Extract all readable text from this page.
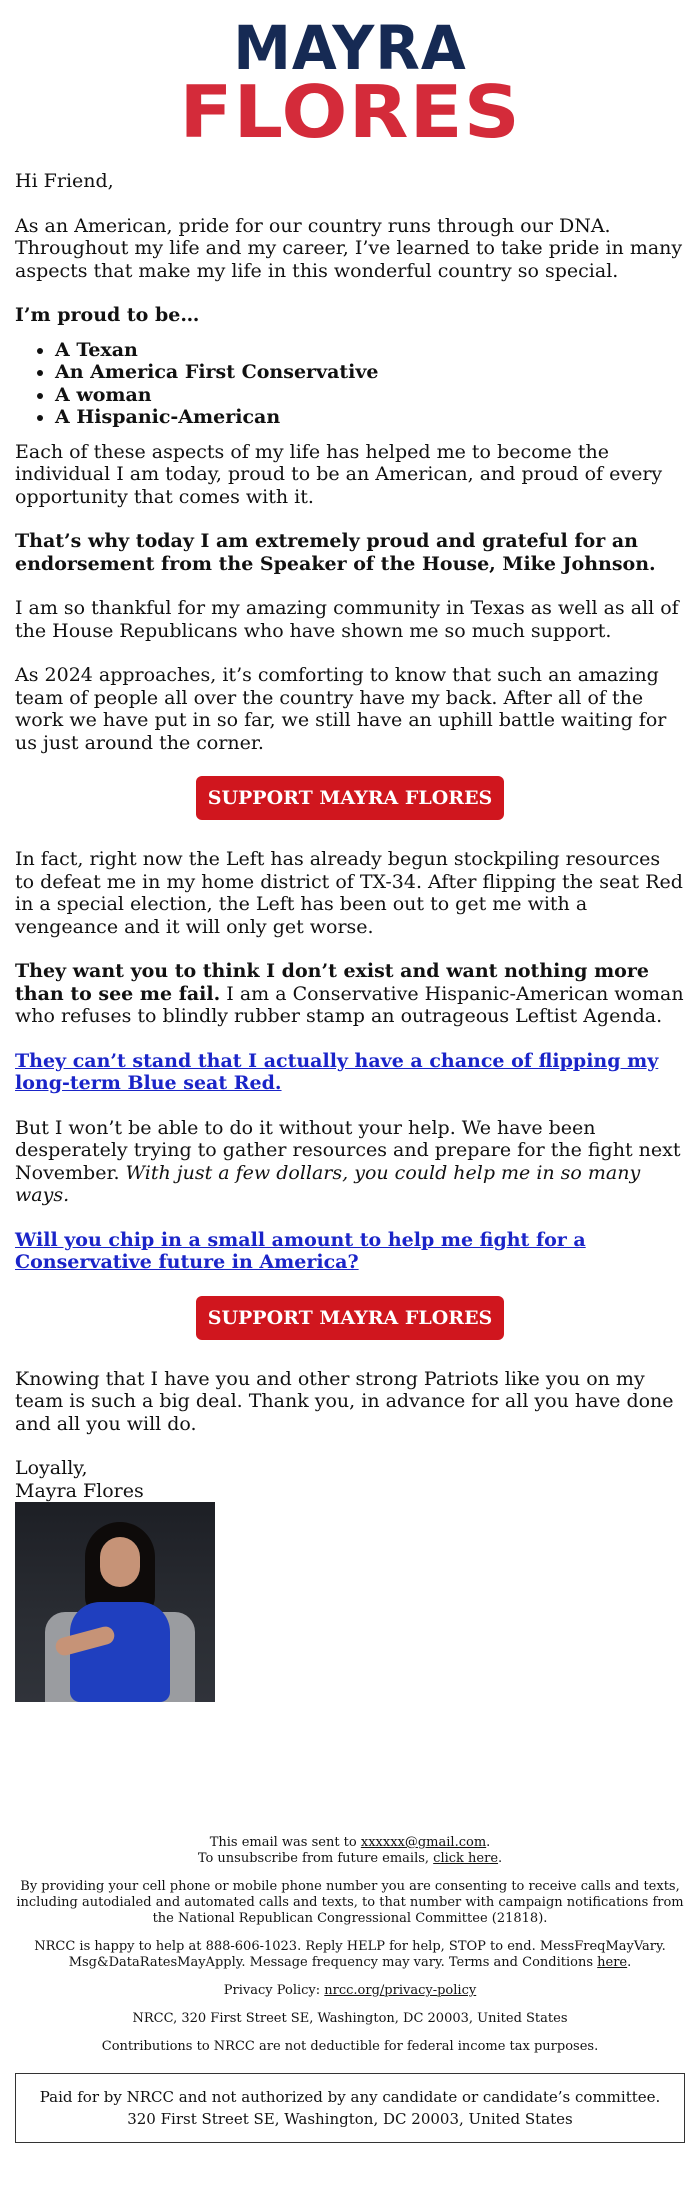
MAYRA ★

FLORES

Hi Friend,

As an American, pride for our country runs through our DNA. Throughout my life and my career, I’ve learned to take pride in many aspects that make my life in this wonderful country so special.

I’m proud to be…

• A Texan
• An America First Conservative
• A woman
• A Hispanic-American

Each of these aspects of my life has helped me to become the individual I am today, proud to be an American, and proud of every opportunity that comes with it.

That’s why today I am extremely proud and grateful for an endorsement from the Speaker of the House, Mike Johnson.

I am so thankful for my amazing community in Texas as well as all of the House Republicans who have shown me so much support.

As 2024 approaches, it’s comforting to know that such an amazing team of people all over the country have my back. After all of the work we have put in so far, we still have an uphill battle waiting for us just around the corner.

SUPPORT MAYRA FLORES

In fact, right now the Left has already begun stockpiling resources to defeat me in my home district of TX-34. After flipping the seat Red in a special election, the Left has been out to get me with a vengeance and it will only get worse.

They want you to think I don’t exist and want nothing more than to see me fail. I am a Conservative Hispanic-American woman who refuses to blindly rubber stamp an outrageous Leftist Agenda.

They can’t stand that I actually have a chance of flipping my long-term Blue seat Red.

But I won’t be able to do it without your help. We have been desperately trying to gather resources and prepare for the fight next November. With just a few dollars, you could help me in so many ways.

Will you chip in a small amount to help me fight for a Conservative future in America?

SUPPORT MAYRA FLORES

Knowing that I have you and other strong Patriots like you on my team is such a big deal. Thank you, in advance for all you have done and all you will do.

Loyally,

Mayra Flores

This email was sent to xxxxxx@gmail.com.
To unsubscribe from future emails, click here.

By providing your cell phone or mobile phone number you are consenting to receive calls and texts, including autodialed and automated calls and texts, to that number with campaign notifications from the National Republican Congressional Committee (21818).

NRCC is happy to help at 888-606-1023. Reply HELP for help, STOP to end. MessFreqMayVary. Msg&DataRatesMayApply. Message frequency may vary. Terms and Conditions here.

Privacy Policy: nrcc.org/privacy-policy

NRCC, 320 First Street SE, Washington, DC 20003, United States

Contributions to NRCC are not deductible for federal income tax purposes.

Paid for by NRCC and not authorized by any candidate or candidate’s committee. 320 First Street SE, Washington, DC 20003, United States
